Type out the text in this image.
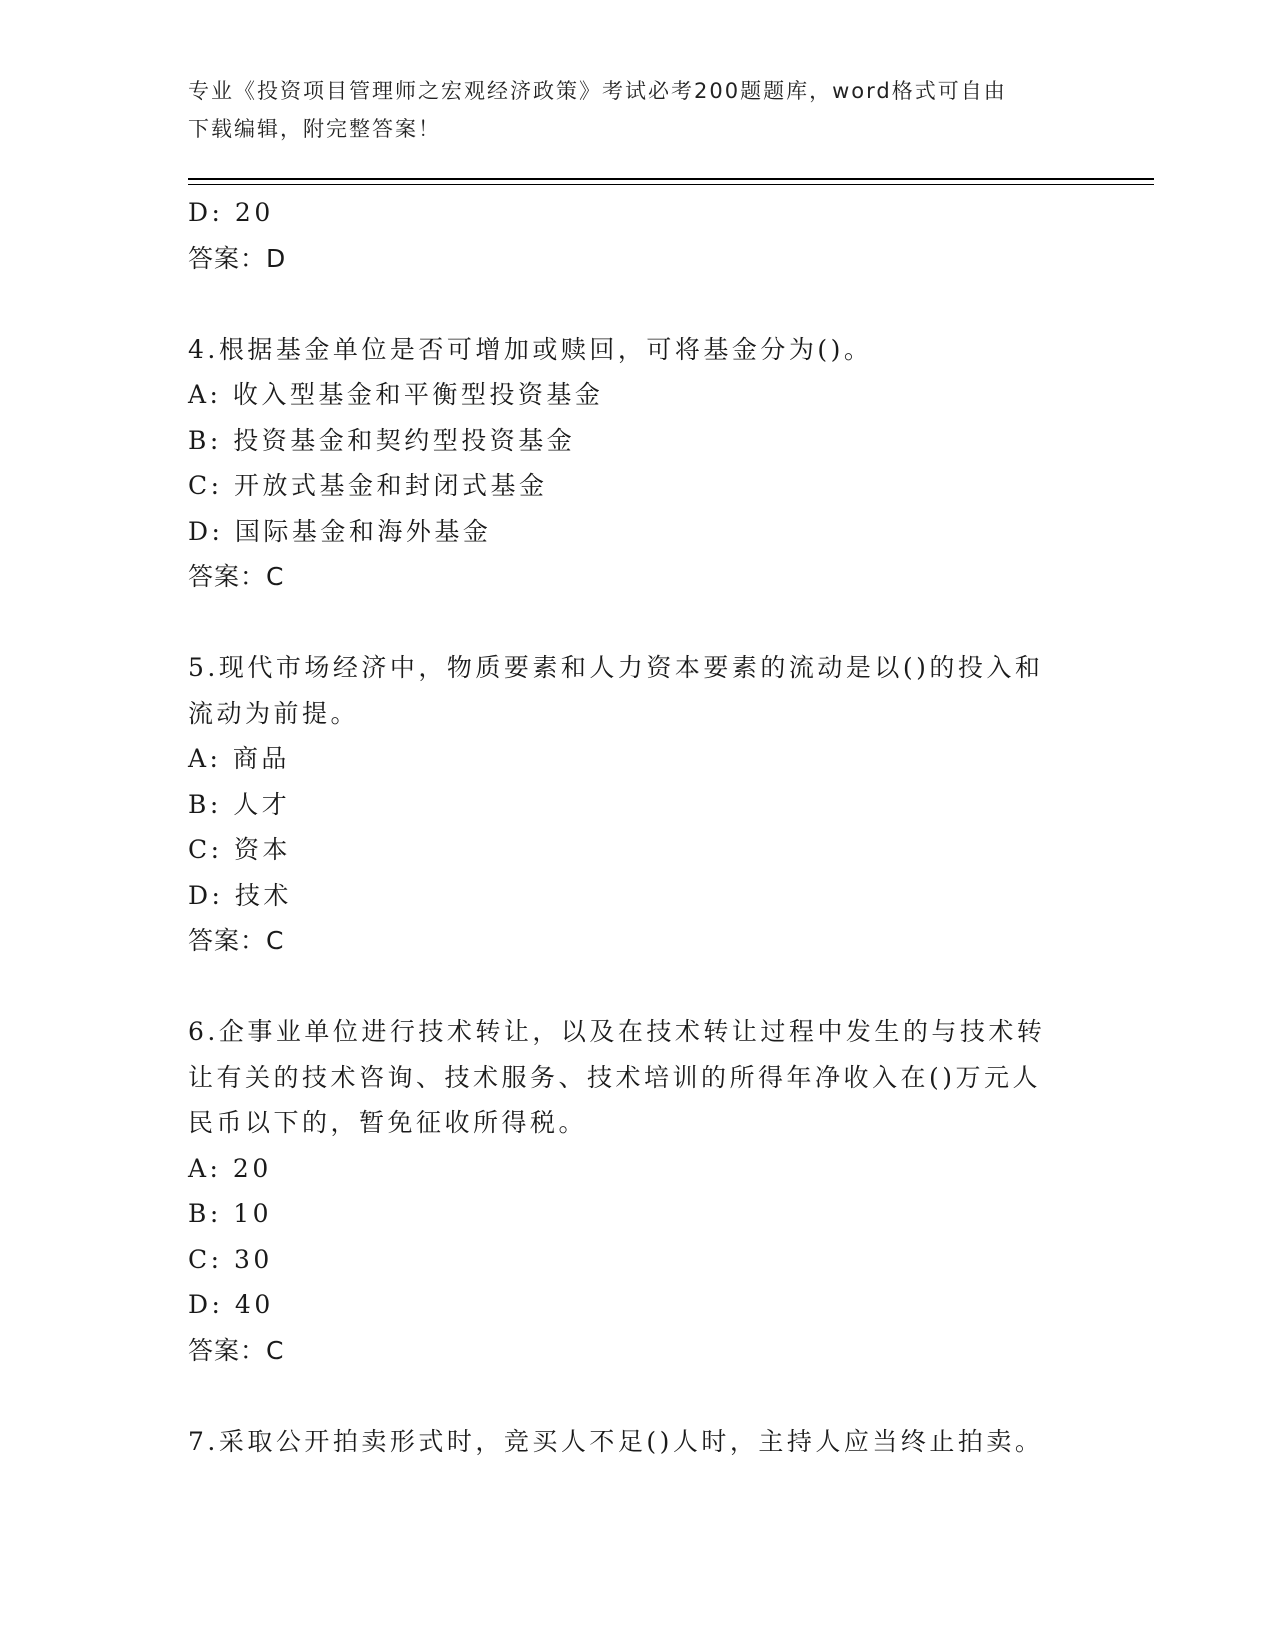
专业《投资项目管理师之宏观经济政策》考试必考200题题库，word格式可自由
下载编辑，附完整答案！
D: 20
答案：D
4.根据基金单位是否可增加或赎回，可将基金分为()。
A: 收入型基金和平衡型投资基金
B: 投资基金和契约型投资基金
C: 开放式基金和封闭式基金
D: 国际基金和海外基金
答案：C
5.现代市场经济中，物质要素和人力资本要素的流动是以()的投入和
流动为前提。
A: 商品
B: 人才
C: 资本
D: 技术
答案：C
6.企事业单位进行技术转让，以及在技术转让过程中发生的与技术转
让有关的技术咨询、技术服务、技术培训的所得年净收入在()万元人
民币以下的，暂免征收所得税。
A: 20
B: 10
C: 30
D: 40
答案：C
7.采取公开拍卖形式时，竞买人不足()人时，主持人应当终止拍卖。
